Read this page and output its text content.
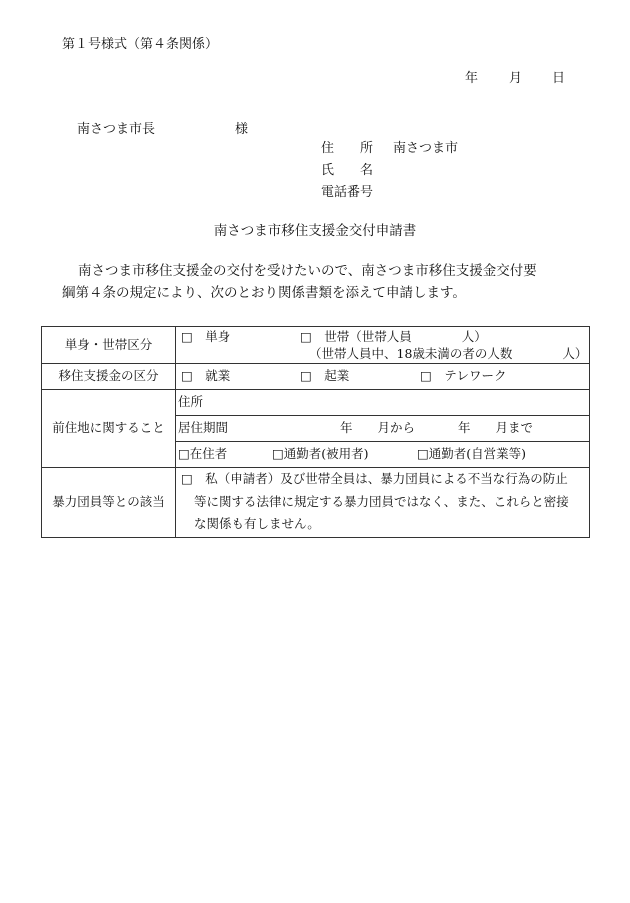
第１号様式（第４条関係）
年 月 日
南さつま市長	様
住　　所 南さつま市
氏　　名
電話番号
南さつま市移住支援金交付申請書
南さつま市移住支援金の交付を受けたいので、南さつま市移住支援金交付要
綱第４条の規定により、次のとおり関係書類を添えて申請します。
単身・世帯区分	□　単身 □　世帯（世帯人員　　　　人）
（世帯人員中、18歳未満の者の人数　　　　人）

移住支援金の区分	□　就業 □　起業 □　テレワーク

前住地に関すること	住所

	居住期間 年　　月から 年　　月まで

	□在住者 □通勤者(被用者) □通勤者(自営業等)

暴力団員等との該当	□　私（申請者）及び世帯全員は、暴力団員による不当な行為の防止
等に関する法律に規定する暴力団員ではなく、また、これらと密接
な関係も有しません。
